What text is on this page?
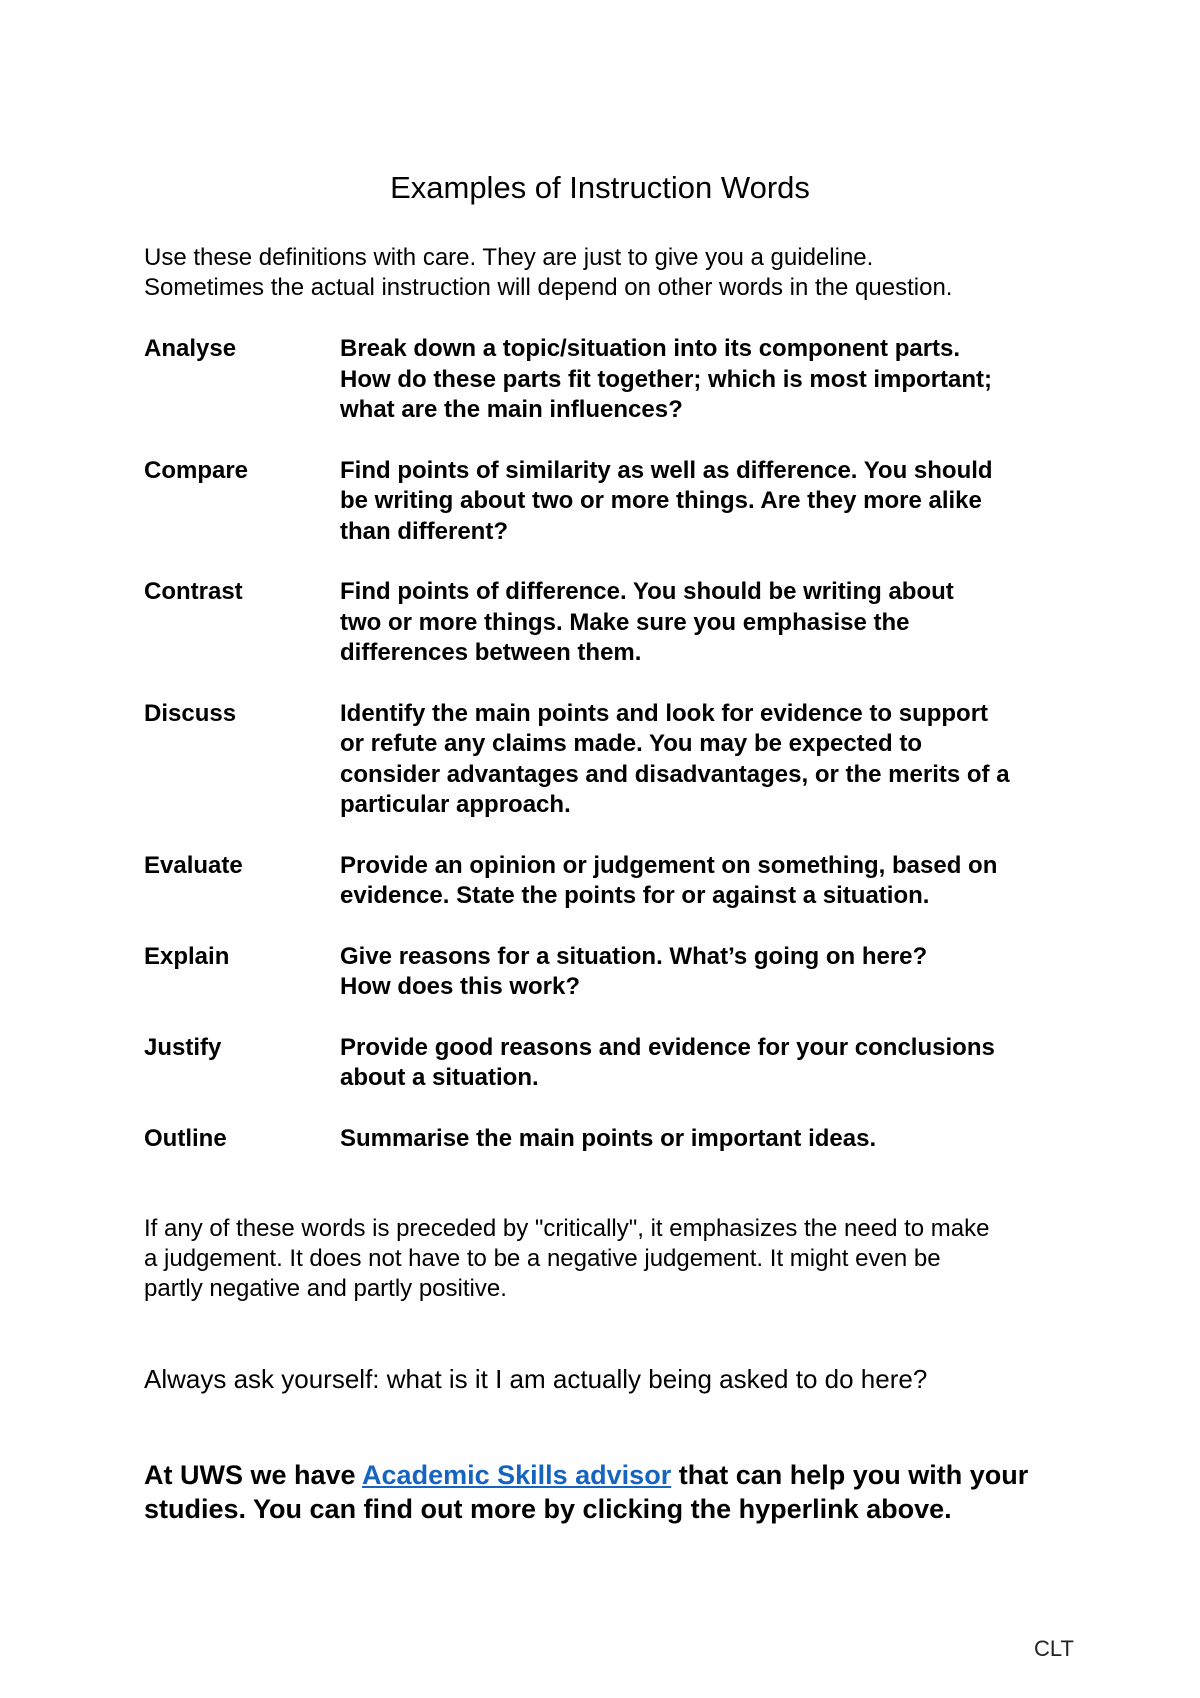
Examples of Instruction Words
Use these definitions with care. They are just to give you a guideline.
Sometimes the actual instruction will depend on other words in the question.
Analyse	Break down a topic/situation into its component parts.
How do these parts fit together; which is most important;
what are the main influences?
Compare	Find points of similarity as well as difference. You should
be writing about two or more things. Are they more alike
than different?
Contrast	Find points of difference. You should be writing about
two or more things. Make sure you emphasise the
differences between them.
Discuss	Identify the main points and look for evidence to support
or refute any claims made. You may be expected to
consider advantages and disadvantages, or the merits of a
particular approach.
Evaluate	Provide an opinion or judgement on something, based on
evidence. State the points for or against a situation.
Explain	Give reasons for a situation. What’s going on here?
How does this work?
Justify	Provide good reasons and evidence for your conclusions
about a situation.
Outline	Summarise the main points or important ideas.
If any of these words is preceded by "critically", it emphasizes the need to make
a judgement. It does not have to be a negative judgement. It might even be
partly negative and partly positive.
Always ask yourself: what is it I am actually being asked to do here?
At UWS we have Academic Skills advisor that can help you with your
studies. You can find out more by clicking the hyperlink above.
CLT
